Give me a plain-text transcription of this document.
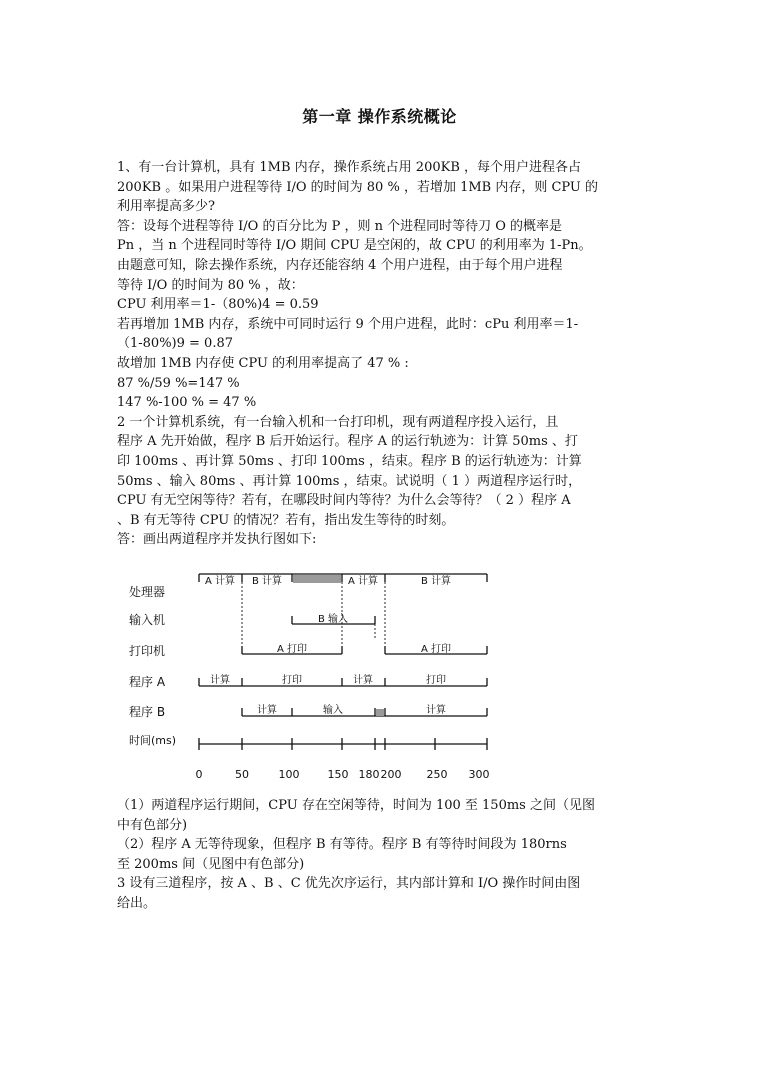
第一章 操作系统概论
1、有一台计算机，具有 1MB 内存，操作系统占用 200KB ，每个用户进程各占
200KB 。如果用户进程等待 I/O 的时间为 80 % ，若增加 1MB 内存，则 CPU 的
利用率提高多少?
答：设每个进程等待 I/O 的百分比为 P ，则 n 个进程同时等待刀 O 的概率是
Pn ，当 n 个进程同时等待 I/O 期间 CPU 是空闲的，故 CPU 的利用率为 1-Pn。
由题意可知，除去操作系统，内存还能容纳 4 个用户进程，由于每个用户进程
等待 I/O 的时间为 80 % ，故：
CPU 利用率＝1-（80%)4 = 0.59
若再增加 1MB 内存，系统中可同时运行 9 个用户进程，此时：cPu 利用率＝1-
（1-80%)9 = 0.87
故增加 1MB 内存使 CPU 的利用率提高了 47 % :
87 %/59 %=147 %
147 %-100 % = 47 %
2 一个计算机系统，有一台输入机和一台打印机，现有两道程序投入运行，且
程序 A 先开始做，程序 B 后开始运行。程序 A 的运行轨迹为：计算 50ms 、打
印 100ms 、再计算 50ms 、打印 100ms ，结束。程序 B 的运行轨迹为：计算
50ms 、输入 80ms 、再计算 100ms ，结束。试说明（ 1 ）两道程序运行时，
CPU 有无空闲等待？若有，在哪段时间内等待？为什么会等待？（ 2 ）程序 A
、B 有无等待 CPU 的情况？若有，指出发生等待的时刻。
答：画出两道程序并发执行图如下:
处理器
输入机
打印机
程序 A
程序 B
时间(ms)
A 计算 B 计算	A 计算	B 计算
B 输入
A 打印	A 打印
计算	打印	计算	打印
计算	输入	计算
0	50	100	150 180 200 250 300
（1）两道程序运行期间，CPU 存在空闲等待，时间为 100 至 150ms 之间（见图
中有色部分)
（2）程序 A 无等待现象，但程序 B 有等待。程序 B 有等待时间段为 180rns
至 200ms 间（见图中有色部分)
3 设有三道程序，按 A 、B 、C 优先次序运行，其内部计算和 I/O 操作时间由图
给出。
